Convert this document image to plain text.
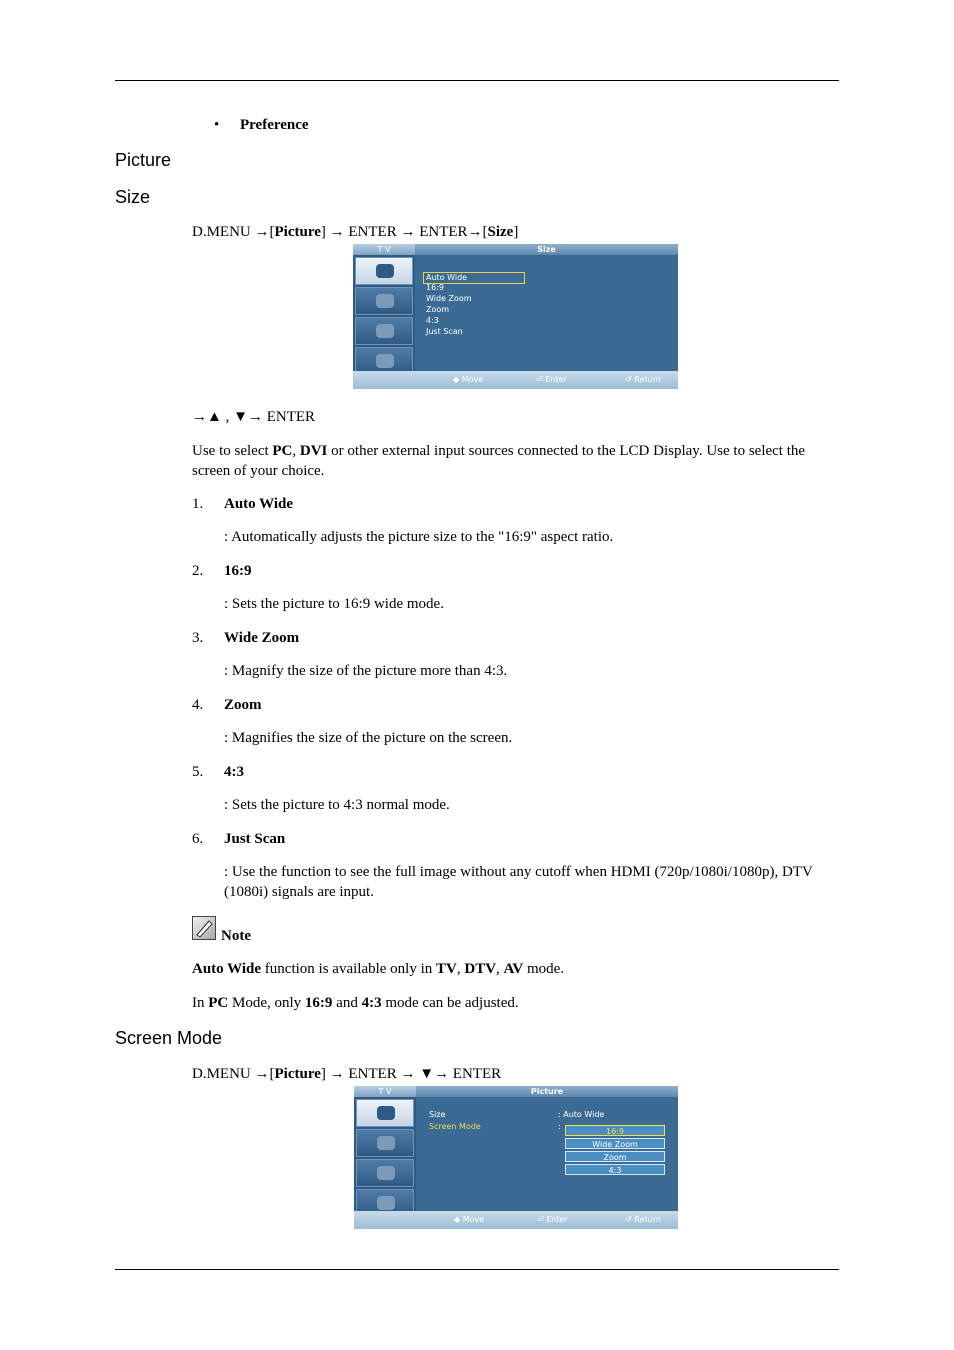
• Preference
Picture
Size
D.MENU →[Picture] → ENTER → ENTER→[Size]
T V	Size
Auto Wide
16:9
Wide Zoom
Zoom
4:3
Just Scan
◆ Move	⏎ Enter	↺ Return
→▲ , ▼→ ENTER
Use to select PC, DVI or other external input sources connected to the LCD Display. Use to select the screen of your choice.
1. Auto Wide
: Automatically adjusts the picture size to the "16:9" aspect ratio.
2. 16:9
: Sets the picture to 16:9 wide mode.
3. Wide Zoom
: Magnify the size of the picture more than 4:3.
4. Zoom
: Magnifies the size of the picture on the screen.
5. 4:3
: Sets the picture to 4:3 normal mode.
6. Just Scan
: Use the function to see the full image without any cutoff when HDMI (720p/1080i/1080p), DTV (1080i) signals are input.
Note
Auto Wide function is available only in TV, DTV, AV mode.
In PC Mode, only 16:9 and 4:3 mode can be adjusted.
Screen Mode
D.MENU →[Picture] → ENTER → ▼→ ENTER
T V	Picture
Size	: Auto Wide
Screen Mode	:
16:9
Wide Zoom
Zoom
4:3
◆ Move	⏎ Enter	↺ Return
